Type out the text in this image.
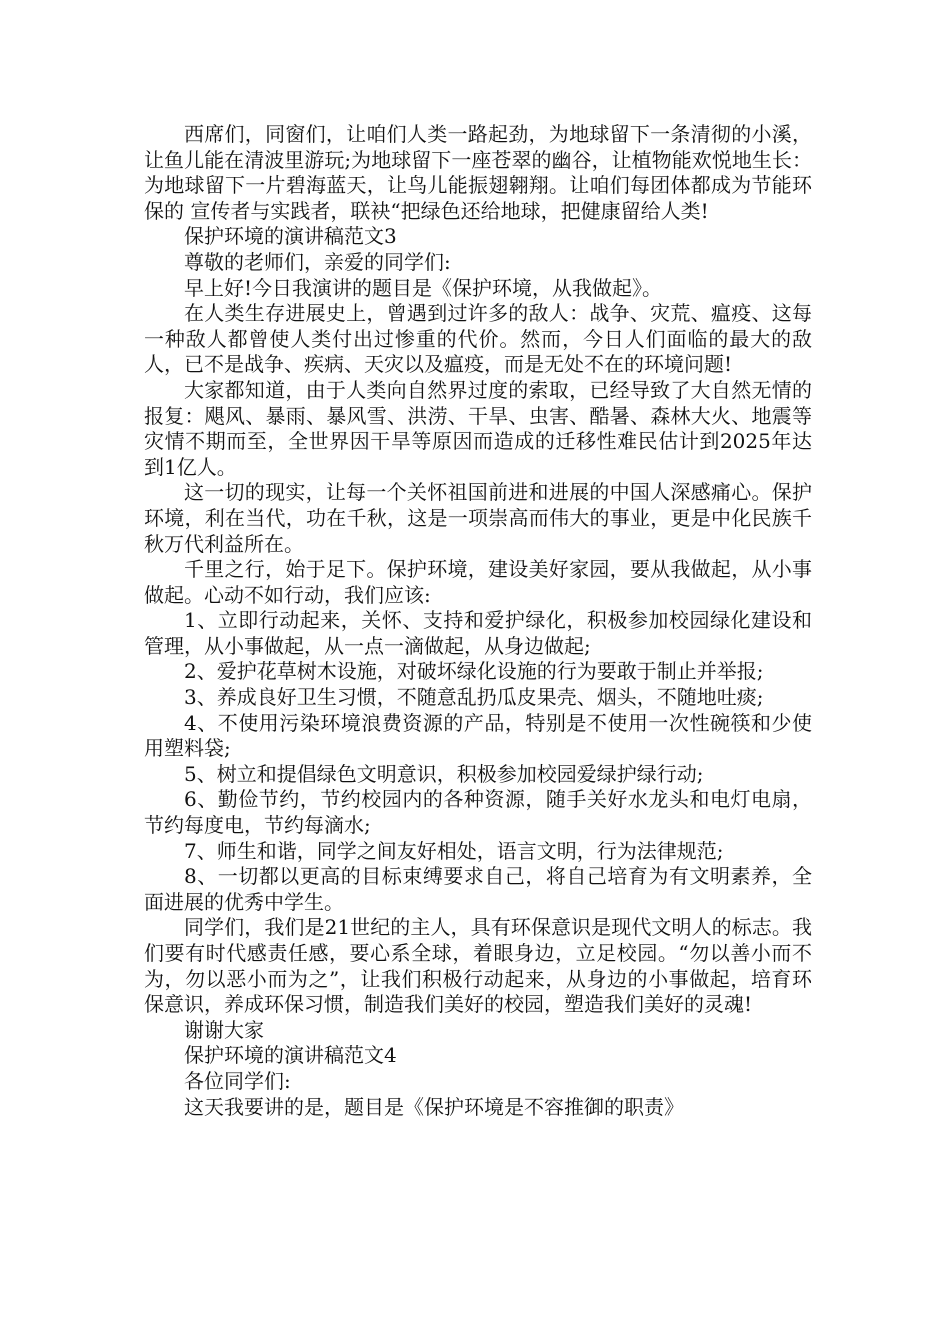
西席们，同窗们，让咱们人类一路起劲，为地球留下一条清彻的小溪，让鱼儿能在清波里游玩;为地球留下一座苍翠的幽谷，让植物能欢悦地生长：为地球留下一片碧海蓝天，让鸟儿能振翅翱翔。让咱们每团体都成为节能环保的 宣传者与实践者，联袂“把绿色还给地球，把健康留给人类!

保护环境的演讲稿范文3

尊敬的老师们，亲爱的同学们:

早上好!今日我演讲的题目是《保护环境，从我做起》。

在人类生存进展史上，曾遇到过许多的敌人：战争、灾荒、瘟疫、这每一种敌人都曾使人类付出过惨重的代价。然而，今日人们面临的最大的敌人，已不是战争、疾病、天灾以及瘟疫，而是无处不在的环境问题!

大家都知道，由于人类向自然界过度的索取，已经导致了大自然无情的报复：飓风、暴雨、暴风雪、洪涝、干旱、虫害、酷暑、森林大火、地震等灾情不期而至，全世界因干旱等原因而造成的迁移性难民估计到2025年达到1亿人。

这一切的现实，让每一个关怀祖国前进和进展的中国人深感痛心。保护环境，利在当代，功在千秋，这是一项崇高而伟大的事业，更是中化民族千秋万代利益所在。

千里之行，始于足下。保护环境，建设美好家园，要从我做起，从小事做起。心动不如行动，我们应该:

1、立即行动起来，关怀、支持和爱护绿化，积极参加校园绿化建设和管理，从小事做起，从一点一滴做起，从身边做起;

2、爱护花草树木设施，对破坏绿化设施的行为要敢于制止并举报;

3、养成良好卫生习惯，不随意乱扔瓜皮果壳、烟头，不随地吐痰;

4、不使用污染环境浪费资源的产品，特别是不使用一次性碗筷和少使用塑料袋;

5、树立和提倡绿色文明意识，积极参加校园爱绿护绿行动;

6、勤俭节约，节约校园内的各种资源，随手关好水龙头和电灯电扇，节约每度电，节约每滴水;

7、师生和谐，同学之间友好相处，语言文明，行为法律规范;

8、一切都以更高的目标束缚要求自己，将自己培育为有文明素养，全面进展的优秀中学生。

同学们，我们是21世纪的主人，具有环保意识是现代文明人的标志。我们要有时代感责任感，要心系全球，着眼身边，立足校园。“勿以善小而不为，勿以恶小而为之”，让我们积极行动起来，从身边的小事做起，培育环保意识，养成环保习惯，制造我们美好的校园，塑造我们美好的灵魂!

谢谢大家

保护环境的演讲稿范文4

各位同学们:

这天我要讲的是，题目是《保护环境是不容推御的职责》
